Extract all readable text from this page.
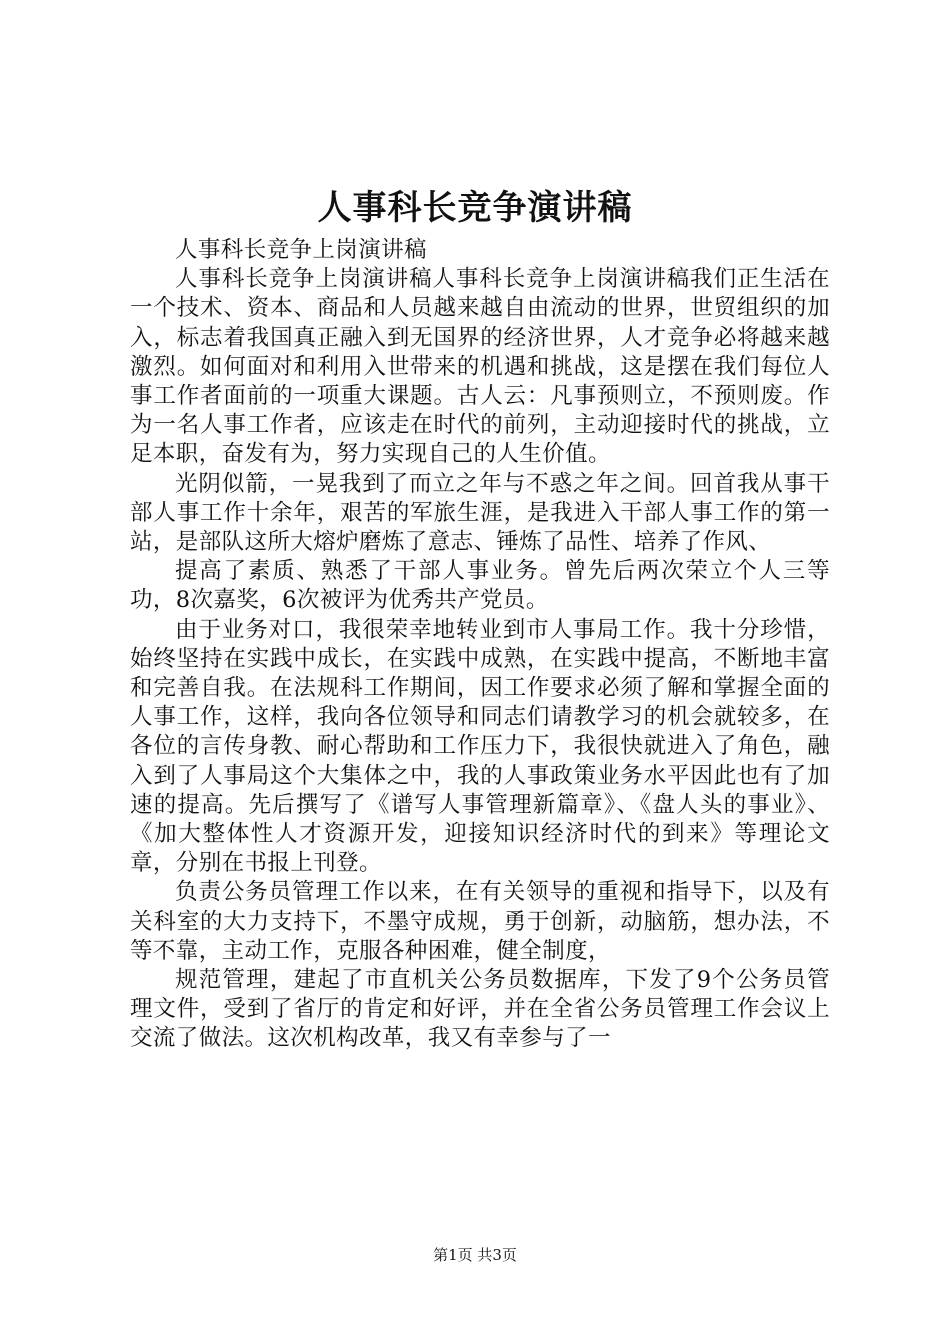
人事科长竞争演讲稿

人事科长竞争上岗演讲稿

人事科长竞争上岗演讲稿人事科长竞争上岗演讲稿我们正生活在一个技术、资本、商品和人员越来越自由流动的世界，世贸组织的加入，标志着我国真正融入到无国界的经济世界，人才竞争必将越来越激烈。如何面对和利用入世带来的机遇和挑战，这是摆在我们每位人事工作者面前的一项重大课题。古人云：凡事预则立，不预则废。作为一名人事工作者，应该走在时代的前列，主动迎接时代的挑战，立足本职，奋发有为，努力实现自己的人生价值。

光阴似箭，一晃我到了而立之年与不惑之年之间。回首我从事干部人事工作十余年，艰苦的军旅生涯，是我进入干部人事工作的第一站，是部队这所大熔炉磨炼了意志、锤炼了品性、培养了作风、

提高了素质、熟悉了干部人事业务。曾先后两次荣立个人三等功，8次嘉奖，6次被评为优秀共产党员。

由于业务对口，我很荣幸地转业到市人事局工作。我十分珍惜，始终坚持在实践中成长，在实践中成熟，在实践中提高，不断地丰富和完善自我。在法规科工作期间，因工作要求必须了解和掌握全面的人事工作，这样，我向各位领导和同志们请教学习的机会就较多，在各位的言传身教、耐心帮助和工作压力下，我很快就进入了角色，融入到了人事局这个大集体之中，我的人事政策业务水平因此也有了加速的提高。先后撰写了《谱写人事管理新篇章》、《盘人头的事业》、《加大整体性人才资源开发，迎接知识经济时代的到来》等理论文章，分别在书报上刊登。

负责公务员管理工作以来，在有关领导的重视和指导下，以及有关科室的大力支持下，不墨守成规，勇于创新，动脑筋，想办法，不等不靠，主动工作，克服各种困难，健全制度，

规范管理，建起了市直机关公务员数据库，下发了9个公务员管理文件，受到了省厅的肯定和好评，并在全省公务员管理工作会议上交流了做法。这次机构改革，我又有幸参与了一

第1页 共3页
